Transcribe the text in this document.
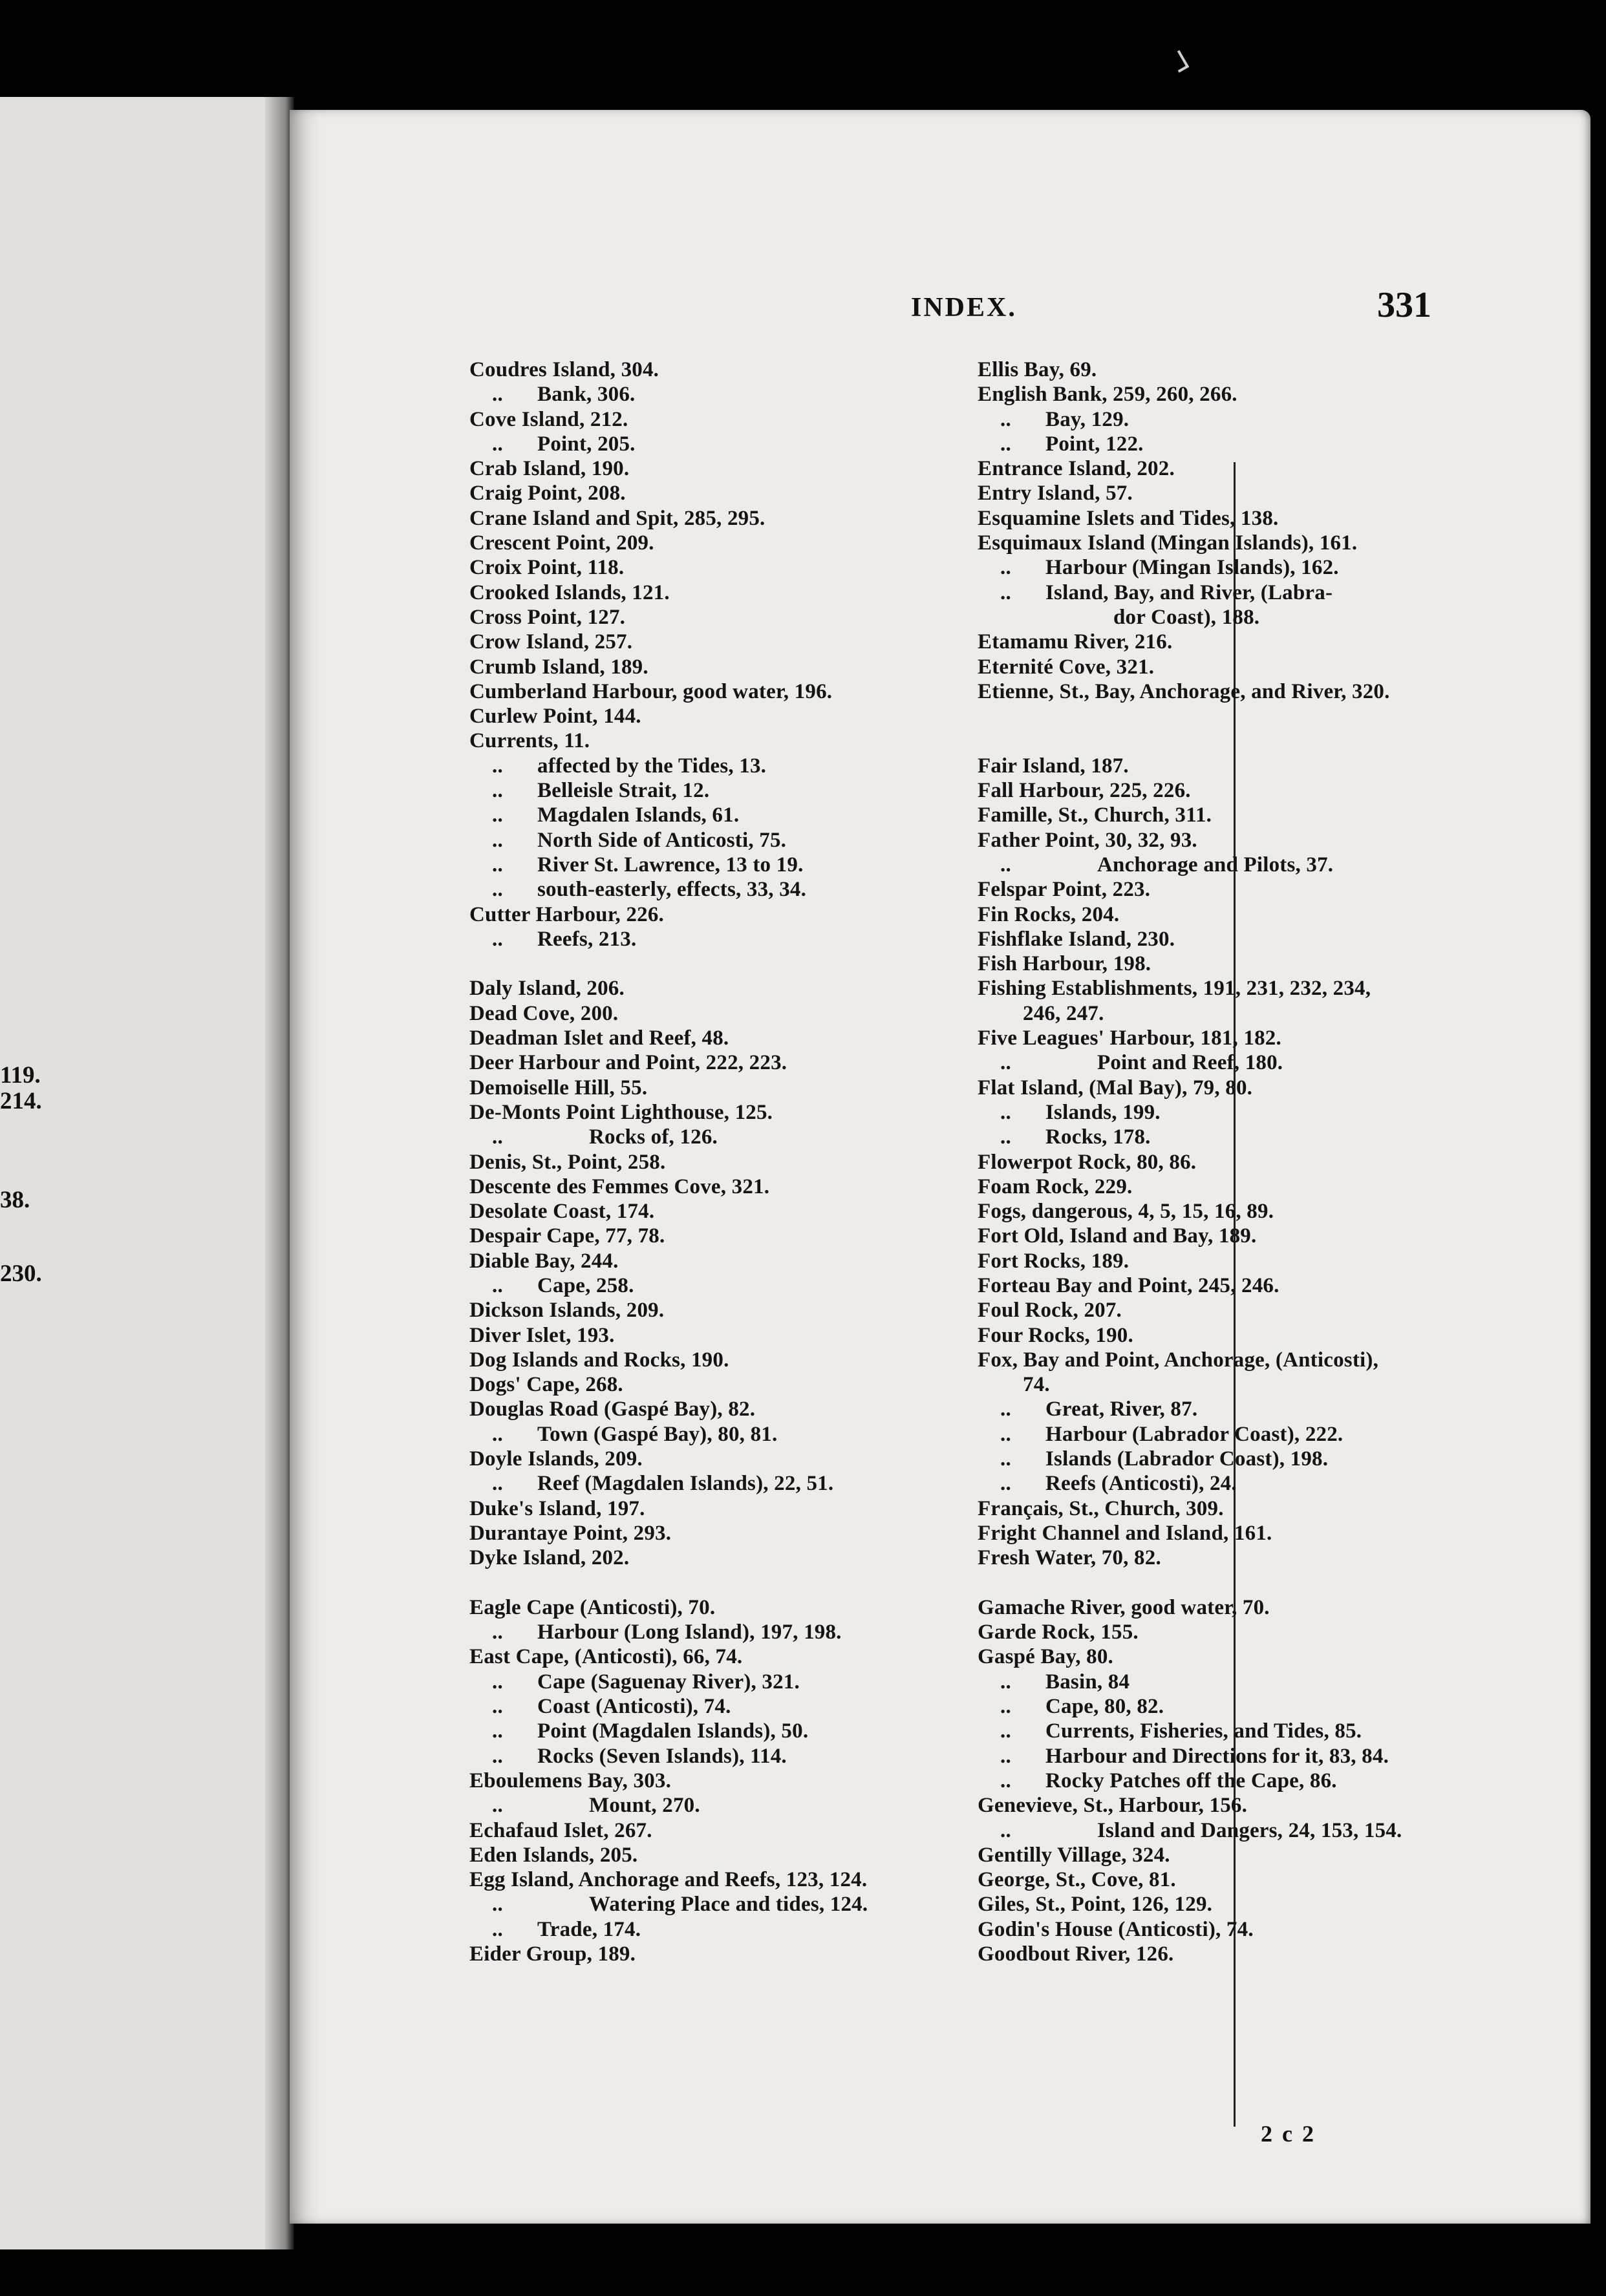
119.
214.
38.
230.
INDEX.	331
Coudres Island, 304.
.. Bank, 306.
Cove Island, 212.
.. Point, 205.
Crab Island, 190.
Craig Point, 208.
Crane Island and Spit, 285, 295.
Crescent Point, 209.
Croix Point, 118.
Crooked Islands, 121.
Cross Point, 127.
Crow Island, 257.
Crumb Island, 189.
Cumberland Harbour, good water, 196.
Curlew Point, 144.
Currents, 11.
.. affected by the Tides, 13.
.. Belleisle Strait, 12.
.. Magdalen Islands, 61.
.. North Side of Anticosti, 75.
.. River St. Lawrence, 13 to 19.
.. south-easterly, effects, 33, 34.
Cutter Harbour, 226.
.. Reefs, 213.
Daly Island, 206.
Dead Cove, 200.
Deadman Islet and Reef, 48.
Deer Harbour and Point, 222, 223.
Demoiselle Hill, 55.
De-Monts Point Lighthouse, 125.
..	Rocks of, 126.
Denis, St., Point, 258.
Descente des Femmes Cove, 321.
Desolate Coast, 174.
Despair Cape, 77, 78.
Diable Bay, 244.
.. Cape, 258.
Dickson Islands, 209.
Diver Islet, 193.
Dog Islands and Rocks, 190.
Dogs' Cape, 268.
Douglas Road (Gaspé Bay), 82.
.. Town (Gaspé Bay), 80, 81.
Doyle Islands, 209.
.. Reef (Magdalen Islands), 22, 51.
Duke's Island, 197.
Durantaye Point, 293.
Dyke Island, 202.
Eagle Cape (Anticosti), 70.
.. Harbour (Long Island), 197, 198.
East Cape, (Anticosti), 66, 74.
.. Cape (Saguenay River), 321.
.. Coast (Anticosti), 74.
.. Point (Magdalen Islands), 50.
.. Rocks (Seven Islands), 114.
Eboulemens Bay, 303.
..	Mount, 270.
Echafaud Islet, 267.
Eden Islands, 205.
Egg Island, Anchorage and Reefs, 123, 124.
..	Watering Place and tides, 124.
.. Trade, 174.
Eider Group, 189.
Ellis Bay, 69.
English Bank, 259, 260, 266.
.. Bay, 129.
.. Point, 122.
Entrance Island, 202.
Entry Island, 57.
Esquamine Islets and Tides, 138.
Esquimaux Island (Mingan Islands), 161.
.. Harbour (Mingan Islands), 162.
.. Island, Bay, and River, (Labra-
dor Coast), 188.
Etamamu River, 216.
Eternité Cove, 321.
Etienne, St., Bay, Anchorage, and River, 320.
Fair Island, 187.
Fall Harbour, 225, 226.
Famille, St., Church, 311.
Father Point, 30, 32, 93.
..	Anchorage and Pilots, 37.
Felspar Point, 223.
Fin Rocks, 204.
Fishflake Island, 230.
Fish Harbour, 198.
Fishing Establishments, 191, 231, 232, 234,
246, 247.
Five Leagues' Harbour, 181, 182.
..	Point and Reef, 180.
Flat Island, (Mal Bay), 79, 80.
.. Islands, 199.
.. Rocks, 178.
Flowerpot Rock, 80, 86.
Foam Rock, 229.
Fogs, dangerous, 4, 5, 15, 16, 89.
Fort Old, Island and Bay, 189.
Fort Rocks, 189.
Forteau Bay and Point, 245, 246.
Foul Rock, 207.
Four Rocks, 190.
Fox, Bay and Point, Anchorage, (Anticosti),
74.
.. Great, River, 87.
.. Harbour (Labrador Coast), 222.
.. Islands (Labrador Coast), 198.
.. Reefs (Anticosti), 24.
Français, St., Church, 309.
Fright Channel and Island, 161.
Fresh Water, 70, 82.
Gamache River, good water, 70.
Garde Rock, 155.
Gaspé Bay, 80.
.. Basin, 84
.. Cape, 80, 82.
.. Currents, Fisheries, and Tides, 85.
.. Harbour and Directions for it, 83, 84.
.. Rocky Patches off the Cape, 86.
Genevieve, St., Harbour, 156.
..	Island and Dangers, 24, 153, 154.
Gentilly Village, 324.
George, St., Cove, 81.
Giles, St., Point, 126, 129.
Godin's House (Anticosti), 74.
Goodbout River, 126.
2 c 2
